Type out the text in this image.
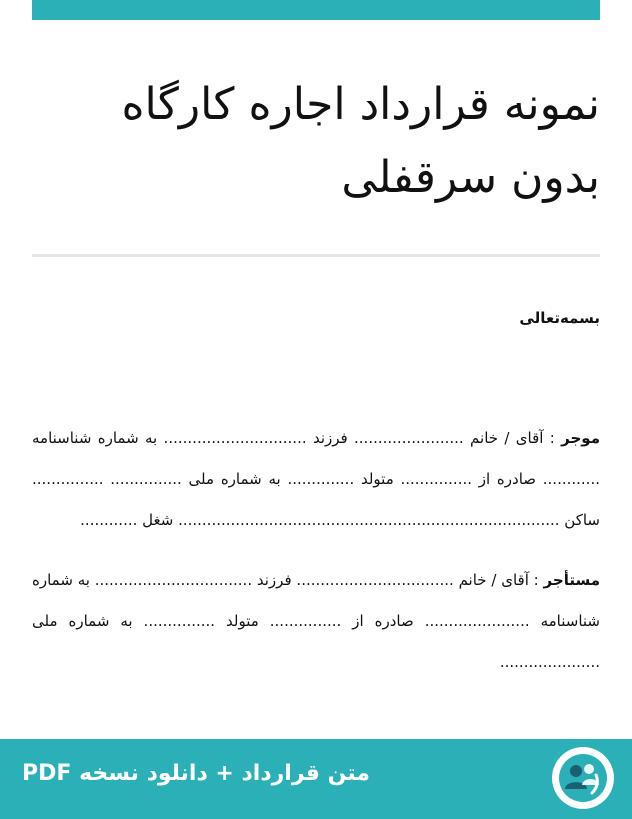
نمونه قرارداد اجاره کارگاه بدون سرقفلی
بسمه‌تعالی
موجر : آقای / خانم ....................... فرزند .............................. به شماره شناسنامه ............ صادره از ............... متولد .............. به شماره ملی ............... ............... ساکن ................................................................................ شغل ............
مستأجر : آقای / خانم ................................. فرزند ................................. به شماره شناسنامه ...................... صادره از ............... متولد ............... به شماره ملی .....................
متن قرارداد + دانلود نسخه PDF
